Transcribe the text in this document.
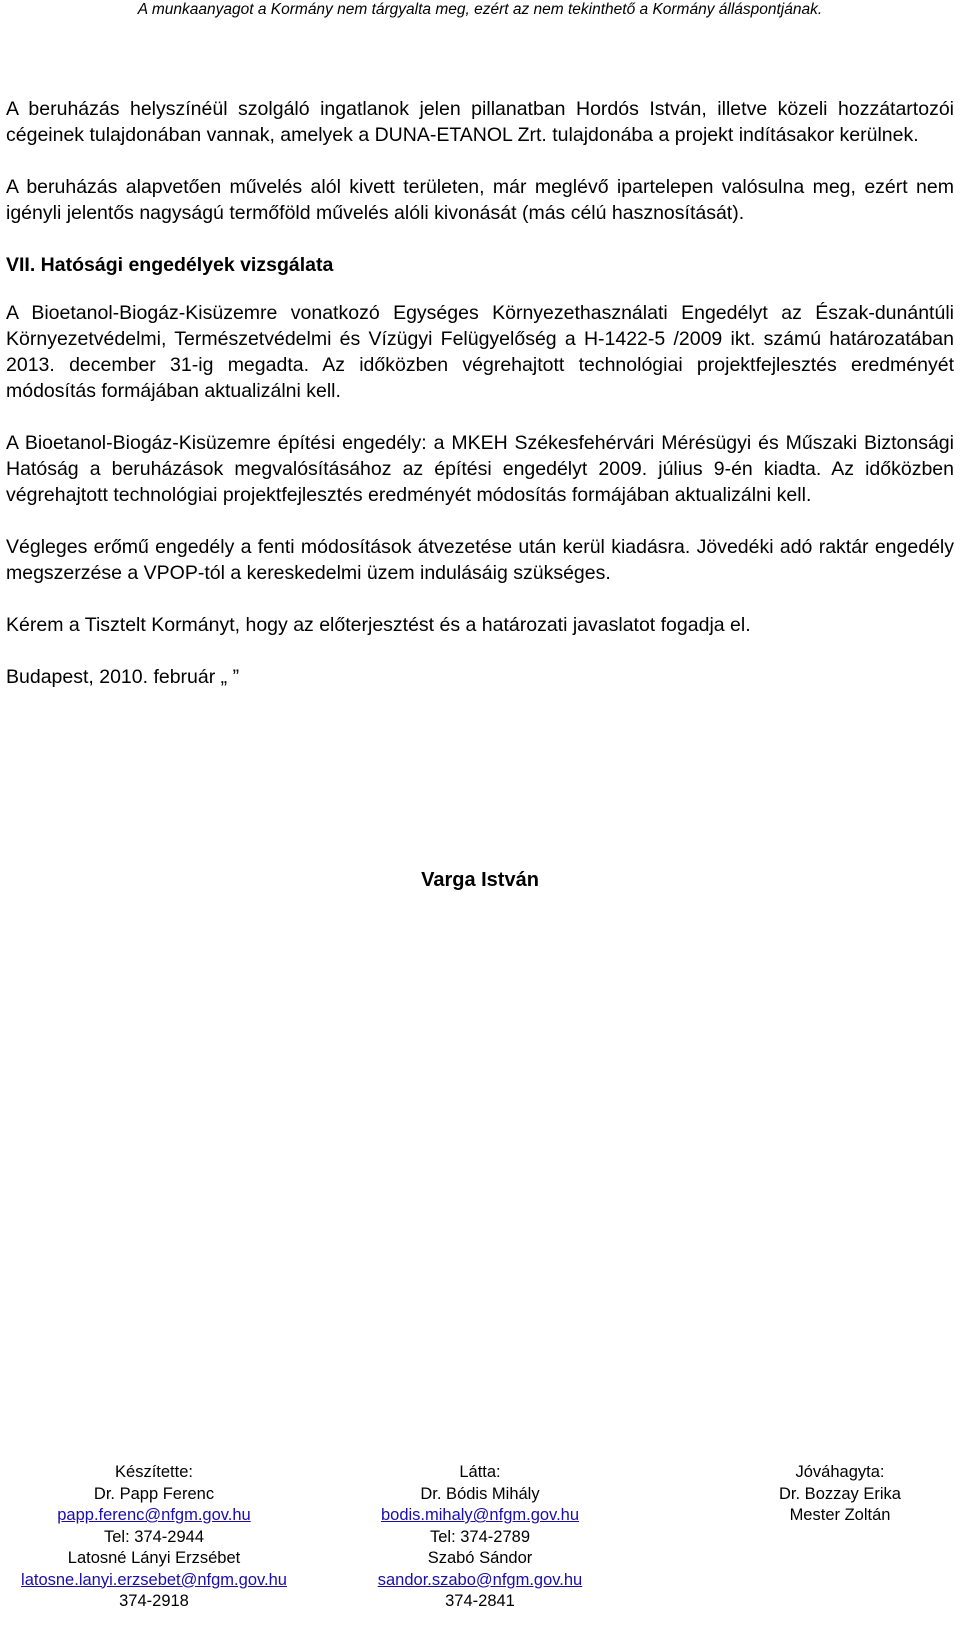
A munkaanyagot a Kormány nem tárgyalta meg, ezért az nem tekinthető a Kormány álláspontjának.

A beruházás helyszínéül szolgáló ingatlanok jelen pillanatban Hordós István, illetve közeli hozzátartozói cégeinek tulajdonában vannak, amelyek a DUNA-ETANOL Zrt. tulajdonába a projekt indításakor kerülnek.

A beruházás alapvetően művelés alól kivett területen, már meglévő ipartelepen valósulna meg, ezért nem igényli jelentős nagyságú termőföld művelés alóli kivonását (más célú hasznosítását).

VII. Hatósági engedélyek vizsgálata

A Bioetanol-Biogáz-Kisüzemre vonatkozó Egységes Környezethasználati Engedélyt az Észak-dunántúli Környezetvédelmi, Természetvédelmi és Vízügyi Felügyelőség a H-1422-5 /2009 ikt. számú határozatában 2013. december 31-ig megadta. Az időközben végrehajtott technológiai projektfejlesztés eredményét módosítás formájában aktualizálni kell.

A Bioetanol-Biogáz-Kisüzemre építési engedély: a MKEH Székesfehérvári Mérésügyi és Műszaki Biztonsági Hatóság a beruházások megvalósításához az építési engedélyt 2009. július 9-én kiadta. Az időközben végrehajtott technológiai projektfejlesztés eredményét módosítás formájában aktualizálni kell.

Végleges erőmű engedély a fenti módosítások átvezetése után kerül kiadásra. Jövedéki adó raktár engedély megszerzése a VPOP-tól a kereskedelmi üzem indulásáig szükséges.

Kérem a Tisztelt Kormányt, hogy az előterjesztést és a határozati javaslatot fogadja el.

Budapest, 2010. február „ ”

Varga István
Készítette:
Dr. Papp Ferenc
papp.ferenc@nfgm.gov.hu
Tel: 374-2944
Latosné Lányi Erzsébet
latosne.lanyi.erzsebet@nfgm.gov.hu
374-2918
Látta:
Dr. Bódis Mihály
bodis.mihaly@nfgm.gov.hu
Tel: 374-2789
Szabó Sándor
sandor.szabo@nfgm.gov.hu
374-2841
Jóváhagyta:
Dr. Bozzay Erika
Mester Zoltán
